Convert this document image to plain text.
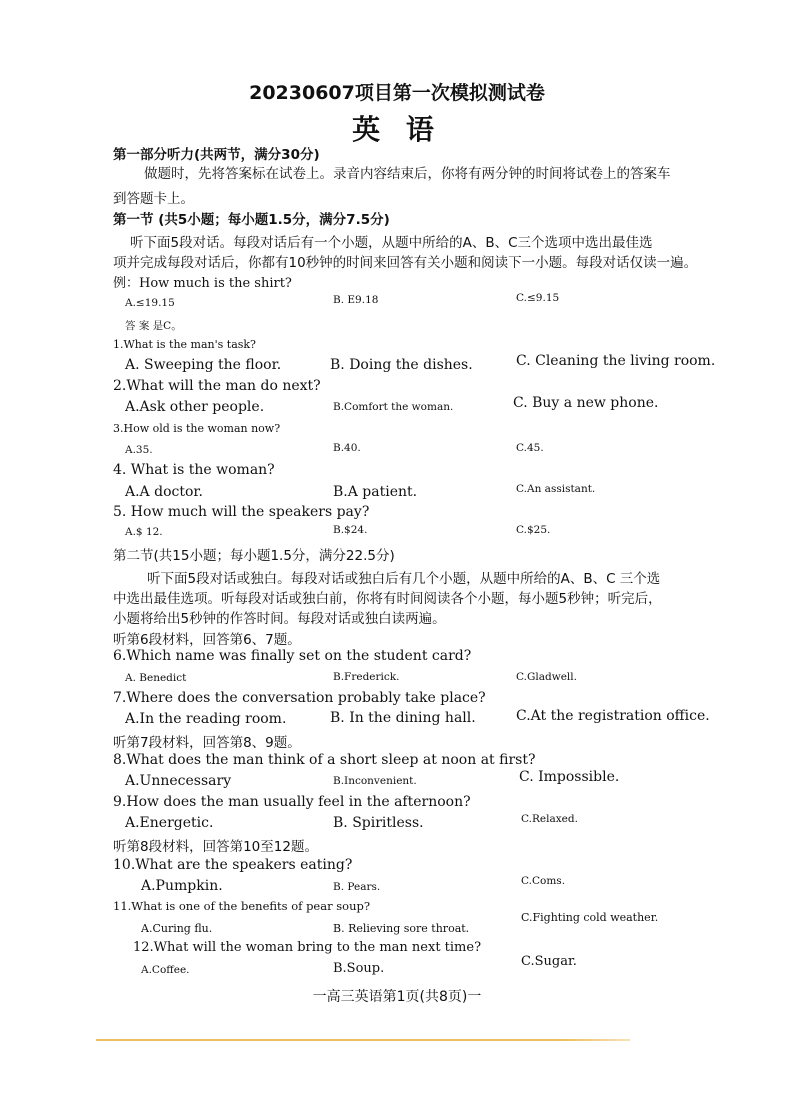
20230607项目第一次模拟测试卷
英 语
第一部分听力(共两节，满分30分)
做题时，先将答案标在试卷上。录音内容结束后，你将有两分钟的时间将试卷上的答案车
到答题卡上。
第一节 (共5小题；每小题1.5分，满分7.5分)
听下面5段对话。每段对话后有一个小题，从题中所给的A、B、C三个选项中选出最佳选
项并完成每段对话后，你都有10秒钟的时间来回答有关小题和阅读下一小题。每段对话仅读一遍。
例：How much is the shirt?
A.≤19.15	B. E9.18	C.≤9.15
答 案 是C。
1.What is the man's task?
A. Sweeping the floor.	B. Doing the dishes.	C. Cleaning the living room.
2.What will the man do next?
A.Ask other people.	B.Comfort the woman.	C. Buy a new phone.
3.How old is the woman now?
A.35.	B.40.	C.45.
4. What is the woman?
A.A doctor.	B.A patient.	C.An assistant.
5. How much will the speakers pay?
A.$ 12.	B.$24.	C.$25.
第二节(共15小题；每小题1.5分，满分22.5分)
听下面5段对话或独白。每段对话或独白后有几个小题，从题中所给的A、B、C 三个选
中选出最佳选项。听每段对话或独白前，你将有时间阅读各个小题，每小题5秒钟；听完后，
小题将给出5秒钟的作答时间。每段对话或独白读两遍。
听第6段材料，回答第6、7题。
6.Which name was finally set on the student card?
A. Benedict	B.Frederick.	C.Gladwell.
7.Where does the conversation probably take place?
A.In the reading room.	B. In the dining hall.	C.At the registration office.
听第7段材料，回答第8、9题。
8.What does the man think of a short sleep at noon at first?
A.Unnecessary	B.Inconvenient.	C. Impossible.
9.How does the man usually feel in the afternoon?
A.Energetic.	B. Spiritless.	C.Relaxed.
听第8段材料，回答第10至12题。
10.What are the speakers eating?
A.Pumpkin.	B. Pears.	C.Coms.
11.What is one of the benefits of pear soup?
A.Curing flu.	B. Relieving sore throat.
C.Fighting cold weather.
12.What will the woman bring to the man next time?
A.Coffee.	B.Soup.	C.Sugar.
一高三英语第1页(共8页)一
